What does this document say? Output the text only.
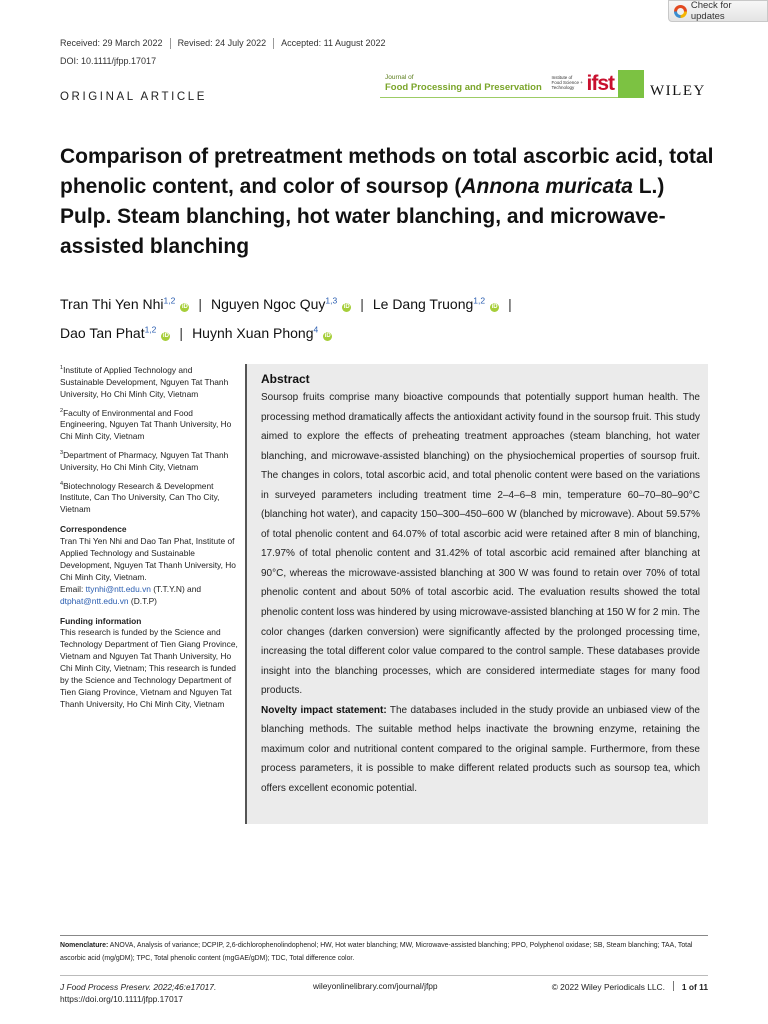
Check for updates
Received: 29 March 2022	Revised: 24 July 2022	Accepted: 11 August 2022
DOI: 10.1111/jfpp.17017
ORIGINAL ARTICLE
Journal of
Food Processing and Preservation
Institute of Food Science + Technology ifst WILEY
Comparison of pretreatment methods on total ascorbic acid, total phenolic content, and color of soursop (Annona muricata L.) Pulp. Steam blanching, hot water blanching, and microwave-assisted blanching
Tran Thi Yen Nhi$^{1,2}$iD | Nguyen Ngoc Quy$^{1,3}$iD | Le Dang Truong$^{1,2}$iD |
Dao Tan Phat$^{1,2}$iD | Huynh Xuan Phong$^4$iD

$^1$Institute of Applied Technology and Sustainable Development, Nguyen Tat Thanh University, Ho Chi Minh City, Vietnam

$^2$Faculty of Environmental and Food Engineering, Nguyen Tat Thanh University, Ho Chi Minh City, Vietnam

$^3$Department of Pharmacy, Nguyen Tat Thanh University, Ho Chi Minh City, Vietnam

$^4$Biotechnology Research & Development Institute, Can Tho University, Can Tho City, Vietnam

Correspondence

Tran Thi Yen Nhi and Dao Tan Phat, Institute of Applied Technology and Sustainable Development, Nguyen Tat Thanh University, Ho Chi Minh City, Vietnam.

Email: ttynhi@ntt.edu.vn (T.T.Y.N) and
dtphat@ntt.edu.vn (D.T.P)

Funding information

This research is funded by the Science and Technology Department of Tien Giang Province, Vietnam and Nguyen Tat Thanh University, Ho Chi Minh City, Vietnam; This research is funded by the Science and Technology Department of Tien Giang Province, Vietnam and Nguyen Tat Thanh University, Ho Chi Minh City, Vietnam

Abstract

Soursop fruits comprise many bioactive compounds that potentially support human health. The processing method dramatically affects the antioxidant activity found in the soursop fruit. This study aimed to explore the effects of preheating treatment approaches (steam blanching, hot water blanching, and microwave-assisted blanching) on the physiochemical properties of soursop fruit. The changes in colors, total ascorbic acid, and total phenolic content were based on the variations in surveyed parameters including treatment time 2–4–6–8 min, temperature 60–70–80–90°C (blanching hot water), and capacity 150–300–450–600 W (blanched by microwave). About 59.57% of total phenolic content and 64.07% of total ascorbic acid were retained after 8 min of blanching, 17.97% of total phenolic content and 31.42% of total ascorbic acid remained after blanching at 90°C, whereas the microwave-assisted blanching at 300 W was found to retain over 70% of total phenolic content and about 50% of total ascorbic acid. The evaluation results showed the total phenolic content loss was hindered by using microwave-assisted blanching at 150 W for 2 min. The color changes (darken conversion) were significantly affected by the prolonged processing time, increasing the total different color value compared to the control sample. These databases provide insight into the blanching processes, which are considered intermediate stages for many food products.

Novelty impact statement: The databases included in the study provide an unbiased view of the blanching methods. The suitable method helps inactivate the browning enzyme, retaining the maximum color and nutritional content compared to the original sample. Furthermore, from these process parameters, it is possible to make different related products such as soursop tea, which offers excellent economic potential.

Nomenclature: ANOVA, Analysis of variance; DCPIP, 2,6-dichlorophenolindophenol; HW, Hot water blanching; MW, Microwave-assisted blanching; PPO, Polyphenol oxidase; SB, Steam blanching; TAA, Total ascorbic acid (mg/gDM); TPC, Total phenolic content (mgGAE/gDM); TDC, Total difference color.

J Food Process Preserv. 2022;46:e17017.
https://doi.org/10.1111/jfpp.17017
wileyonlinelibrary.com/journal/jfpp	© 2022 Wiley Periodicals LLC. 1 of 11
